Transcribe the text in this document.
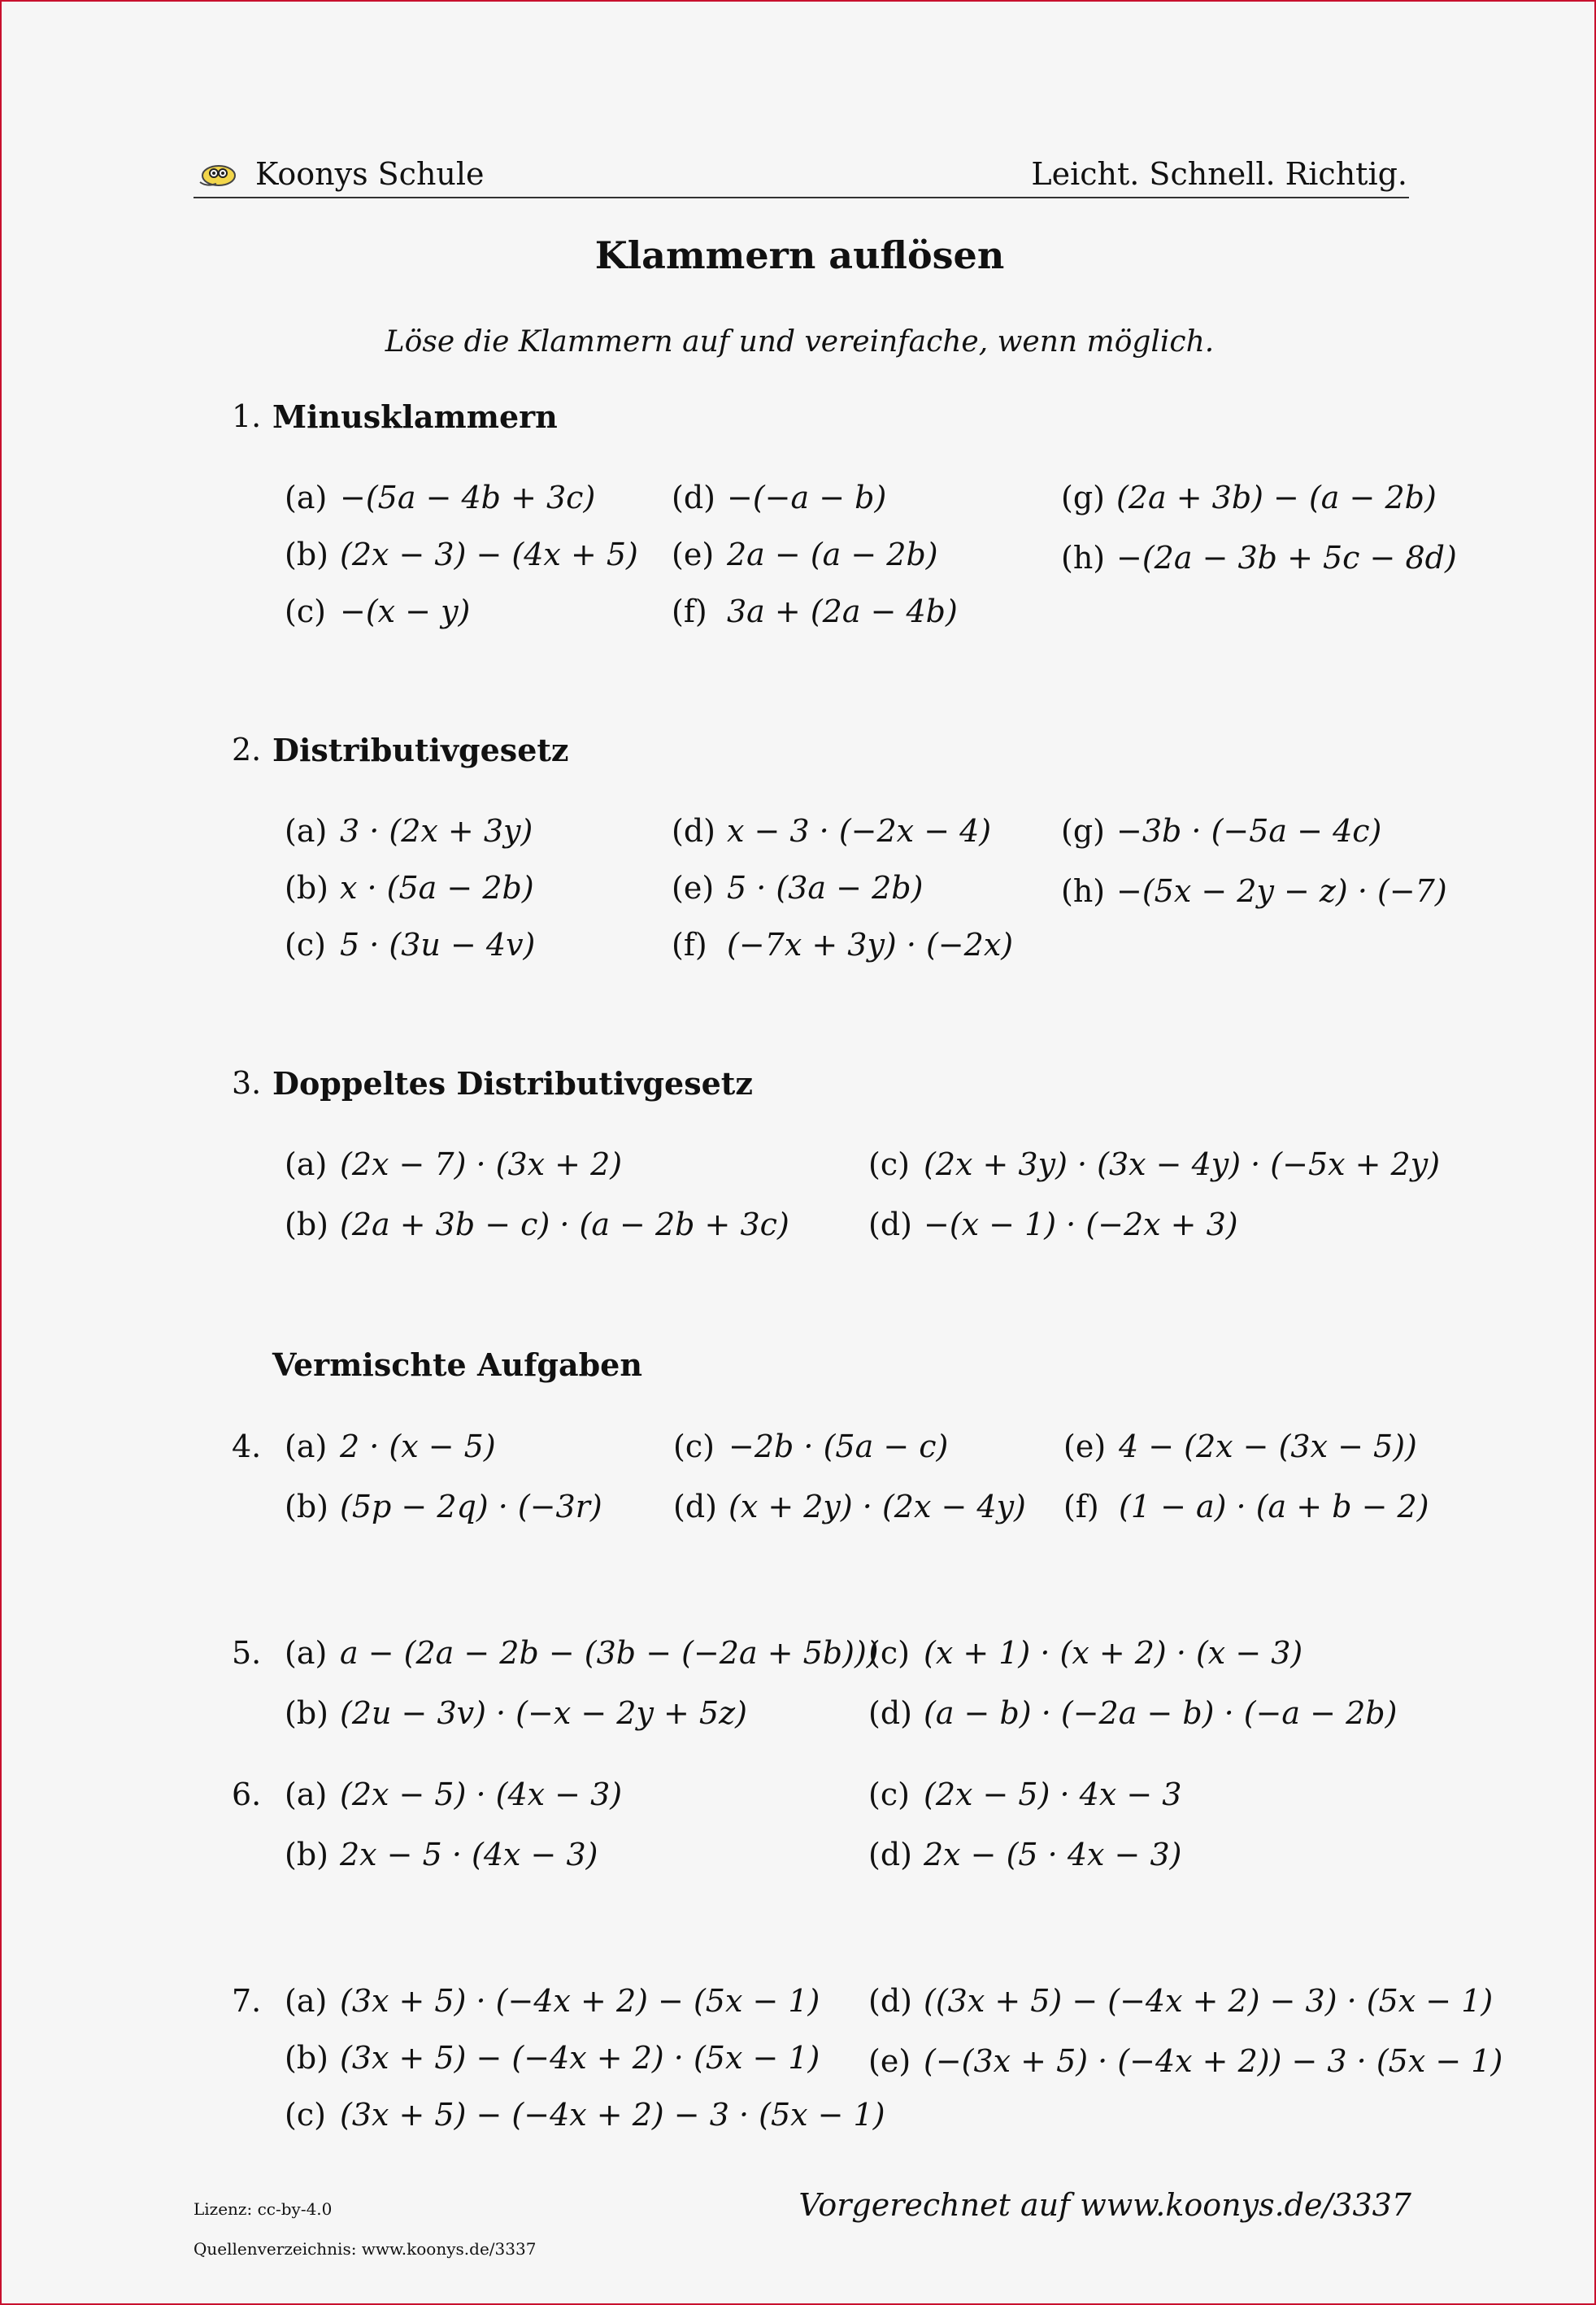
Koonys Schule	Leicht. Schnell. Richtig.
Klammern auflösen
Löse die Klammern auf und vereinfache, wenn möglich.
1. Minusklammern
(a) −(5a − 4b + 3c)
(b) (2x − 3) − (4x + 5)
(c) −(x − y)
(d) −(−a − b)
(e) 2a − (a − 2b)
(f) 3a + (2a − 4b)
(g) (2a + 3b) − (a − 2b)
(h) −(2a − 3b + 5c − 8d)
2. Distributivgesetz
(a) 3 · (2x + 3y)
(b) x · (5a − 2b)
(c) 5 · (3u − 4v)
(d) x − 3 · (−2x − 4)
(e) 5 · (3a − 2b)
(f) (−7x + 3y) · (−2x)
(g) −3b · (−5a − 4c)
(h) −(5x − 2y − z) · (−7)
3. Doppeltes Distributivgesetz
(a) (2x − 7) · (3x + 2)
(b) (2a + 3b − c) · (a − 2b + 3c)
(c) (2x + 3y) · (3x − 4y) · (−5x + 2y)
(d) −(x − 1) · (−2x + 3)
Vermischte Aufgaben
4. (a) 2 · (x − 5)
(b) (5p − 2q) · (−3r)
(c) −2b · (5a − c)
(d) (x + 2y) · (2x − 4y)
(e) 4 − (2x − (3x − 5))
(f) (1 − a) · (a + b − 2)
5. (a) a − (2a − 2b − (3b − (−2a + 5b)))
(b) (2u − 3v) · (−x − 2y + 5z)
(c) (x + 1) · (x + 2) · (x − 3)
(d) (a − b) · (−2a − b) · (−a − 2b)
6. (a) (2x − 5) · (4x − 3)
(b) 2x − 5 · (4x − 3)
(c) (2x − 5) · 4x − 3
(d) 2x − (5 · 4x − 3)
7. (a) (3x + 5) · (−4x + 2) − (5x − 1)
(b) (3x + 5) − (−4x + 2) · (5x − 1)
(c) (3x + 5) − (−4x + 2) − 3 · (5x − 1)
(d) ((3x + 5) − (−4x + 2) − 3) · (5x − 1)
(e) (−(3x + 5) · (−4x + 2)) − 3 · (5x − 1)
Lizenz: cc-by-4.0
Quellenverzeichnis: www.koonys.de/3337
Vorgerechnet auf www.koonys.de/3337
